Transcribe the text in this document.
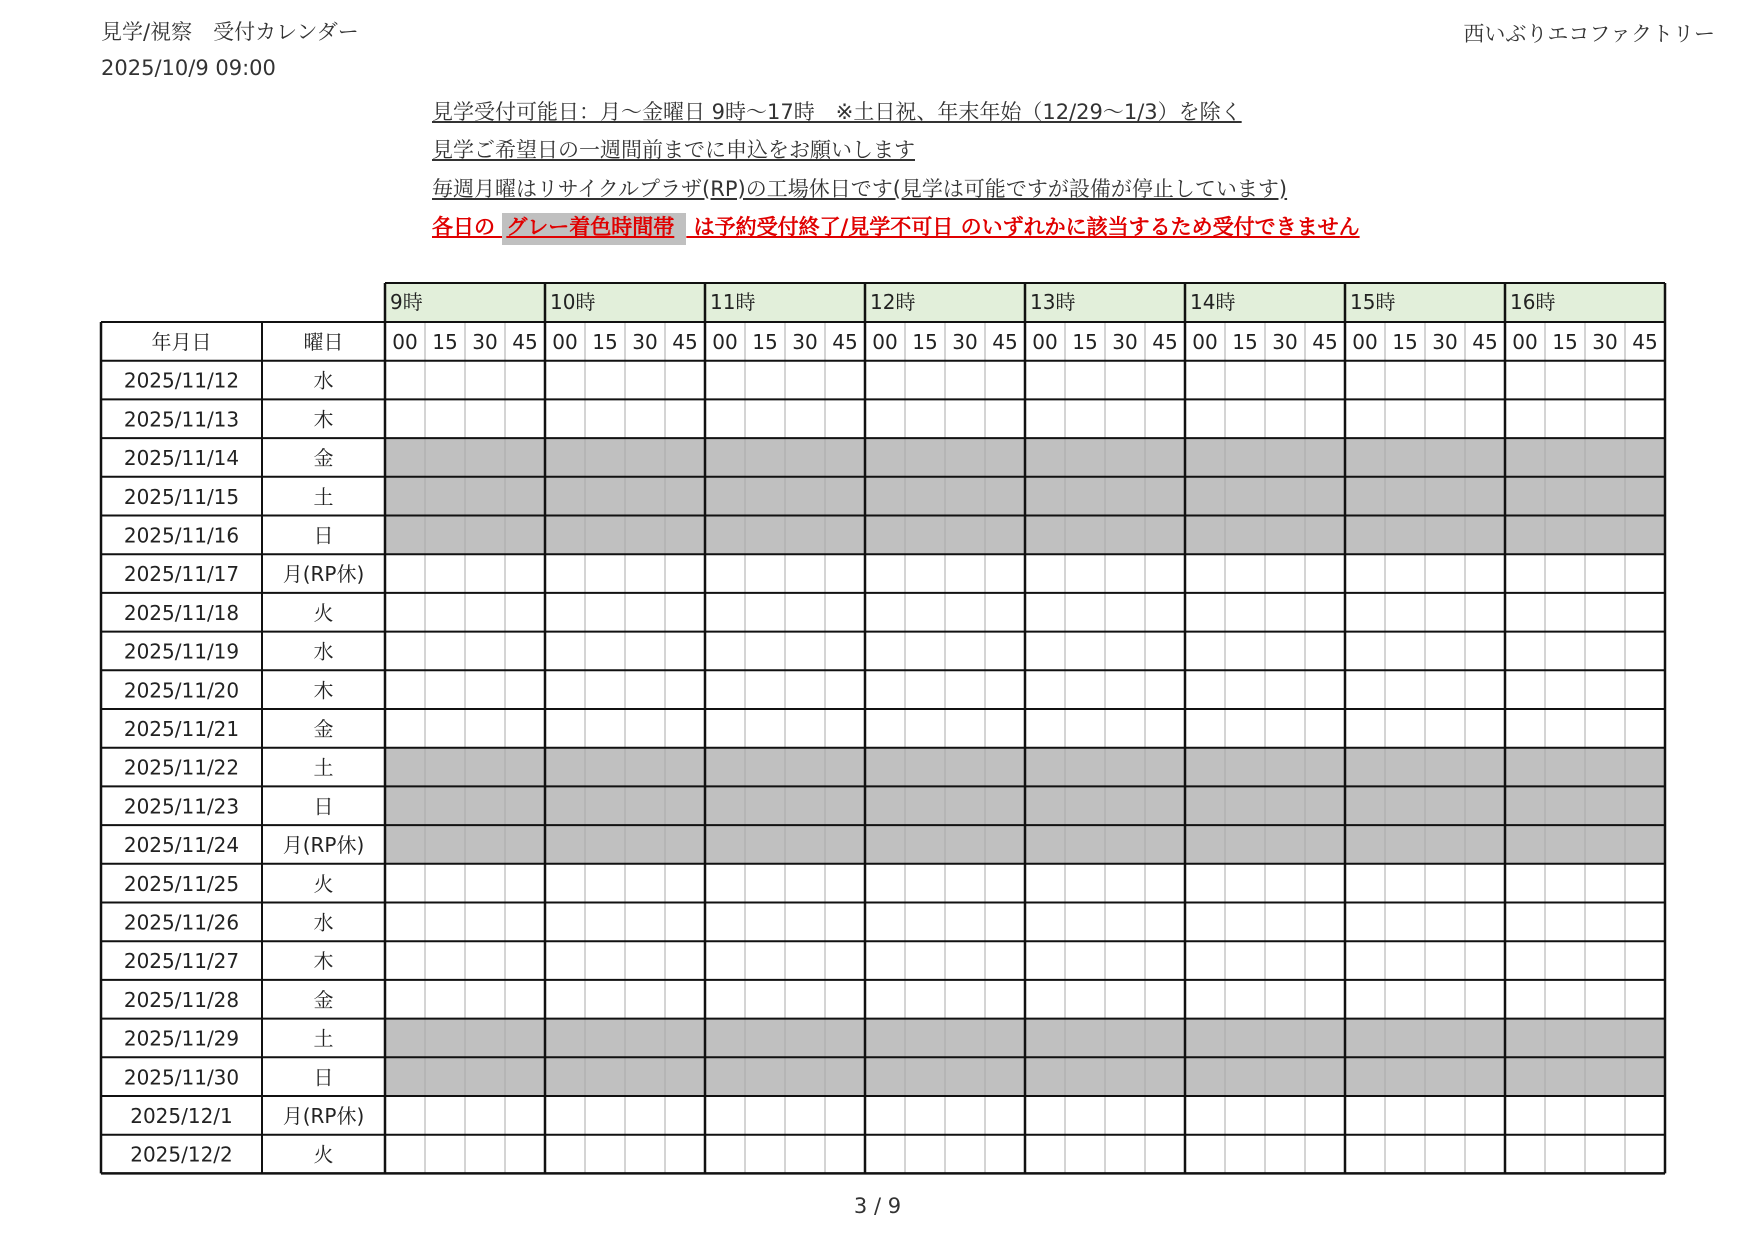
見学/視察　受付カレンダー
2025/10/9 09:00
西いぶりエコファクトリー
見学受付可能日：月～金曜日 9時～17時　※土日祝、年末年始（12/29～1/3）を除く
見学ご希望日の一週間前までに申込をお願いします
毎週月曜はリサイクルプラザ(RP)の工場休日です(見学は可能ですが設備が停止しています)
各日の グレー着色時間帯 は予約受付終了/見学不可日 のいずれかに該当するため受付できません
9時	10時	11時	12時	13時	14時	15時	16時
年月日	曜日 00 15 30 45 00 15 30 45 00 15 30 45 00 15 30 45 00 15 30 45 00 15 30 45 00 15 30 45 00 15 30 45
2025/11/12	水
2025/11/13	木
2025/11/14	金
2025/11/15	土
2025/11/16	日
2025/11/17 月(RP休)
2025/11/18	火
2025/11/19	水
2025/11/20	木
2025/11/21	金
2025/11/22	土
2025/11/23	日
2025/11/24 月(RP休)
2025/11/25	火
2025/11/26	水
2025/11/27	木
2025/11/28	金
2025/11/29	土
2025/11/30	日
2025/12/1 月(RP休)
2025/12/2	火
3 / 9
